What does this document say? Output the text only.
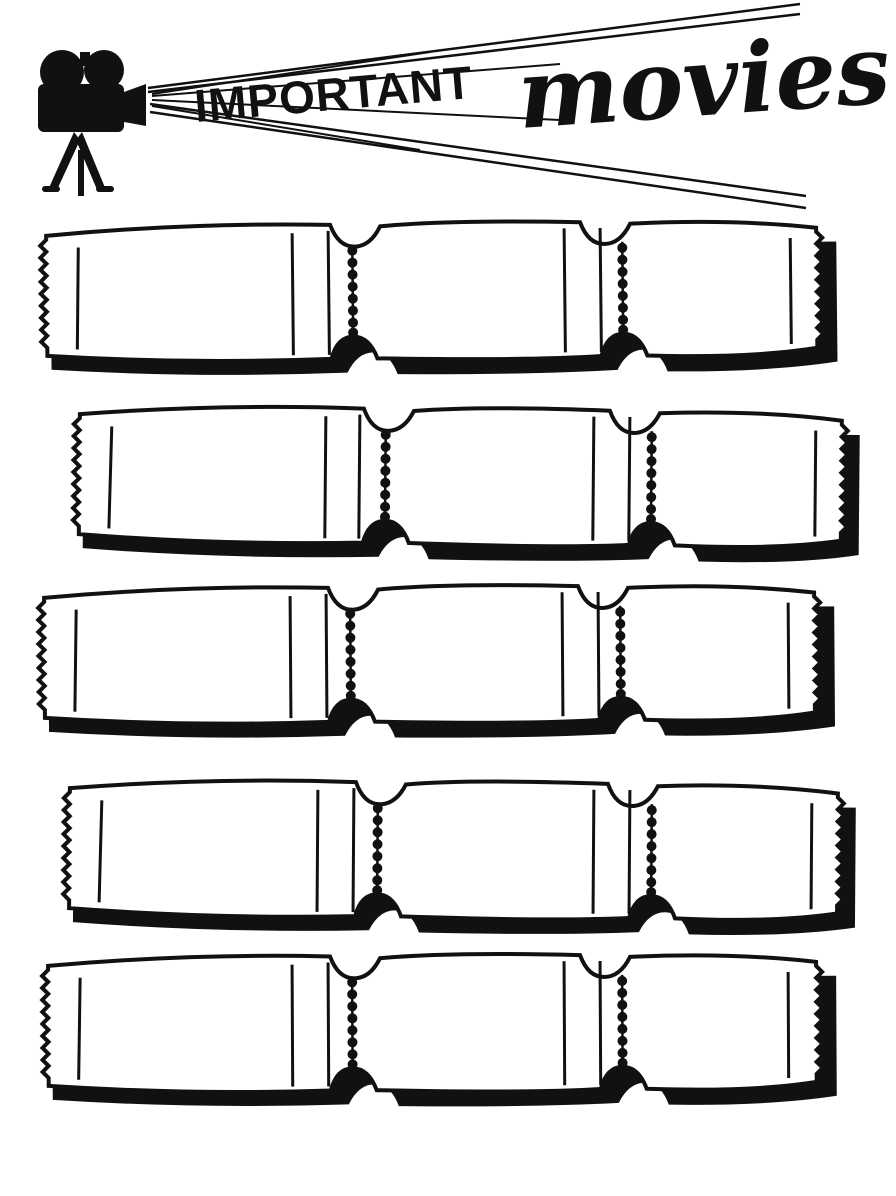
IMPORTANT movies
